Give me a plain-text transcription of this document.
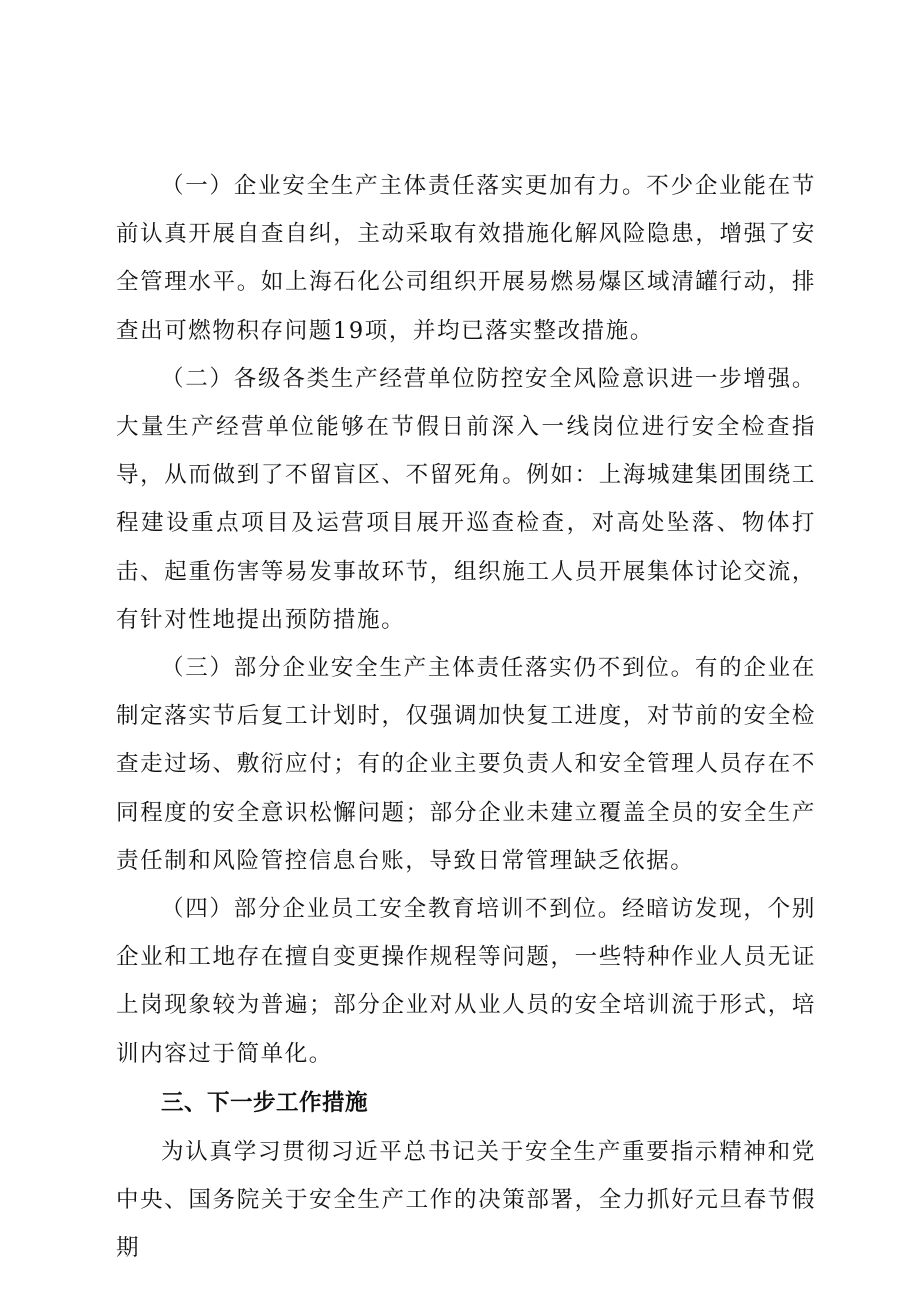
（一）企业安全生产主体责任落实更加有力。不少企业能在节前认真开展自查自纠，主动采取有效措施化解风险隐患，增强了安全管理水平。如上海石化公司组织开展易燃易爆区域清罐行动，排查出可燃物积存问题19项，并均已落实整改措施。

（二）各级各类生产经营单位防控安全风险意识进一步增强。大量生产经营单位能够在节假日前深入一线岗位进行安全检查指导，从而做到了不留盲区、不留死角。例如：上海城建集团围绕工程建设重点项目及运营项目展开巡查检查，对高处坠落、物体打击、起重伤害等易发事故环节，组织施工人员开展集体讨论交流，有针对性地提出预防措施。

（三）部分企业安全生产主体责任落实仍不到位。有的企业在制定落实节后复工计划时，仅强调加快复工进度，对节前的安全检查走过场、敷衍应付；有的企业主要负责人和安全管理人员存在不同程度的安全意识松懈问题；部分企业未建立覆盖全员的安全生产责任制和风险管控信息台账，导致日常管理缺乏依据。

（四）部分企业员工安全教育培训不到位。经暗访发现，个别企业和工地存在擅自变更操作规程等问题，一些特种作业人员无证上岗现象较为普遍；部分企业对从业人员的安全培训流于形式，培训内容过于简单化。

三、下一步工作措施

为认真学习贯彻习近平总书记关于安全生产重要指示精神和党中央、国务院关于安全生产工作的决策部署，全力抓好元旦春节假期
